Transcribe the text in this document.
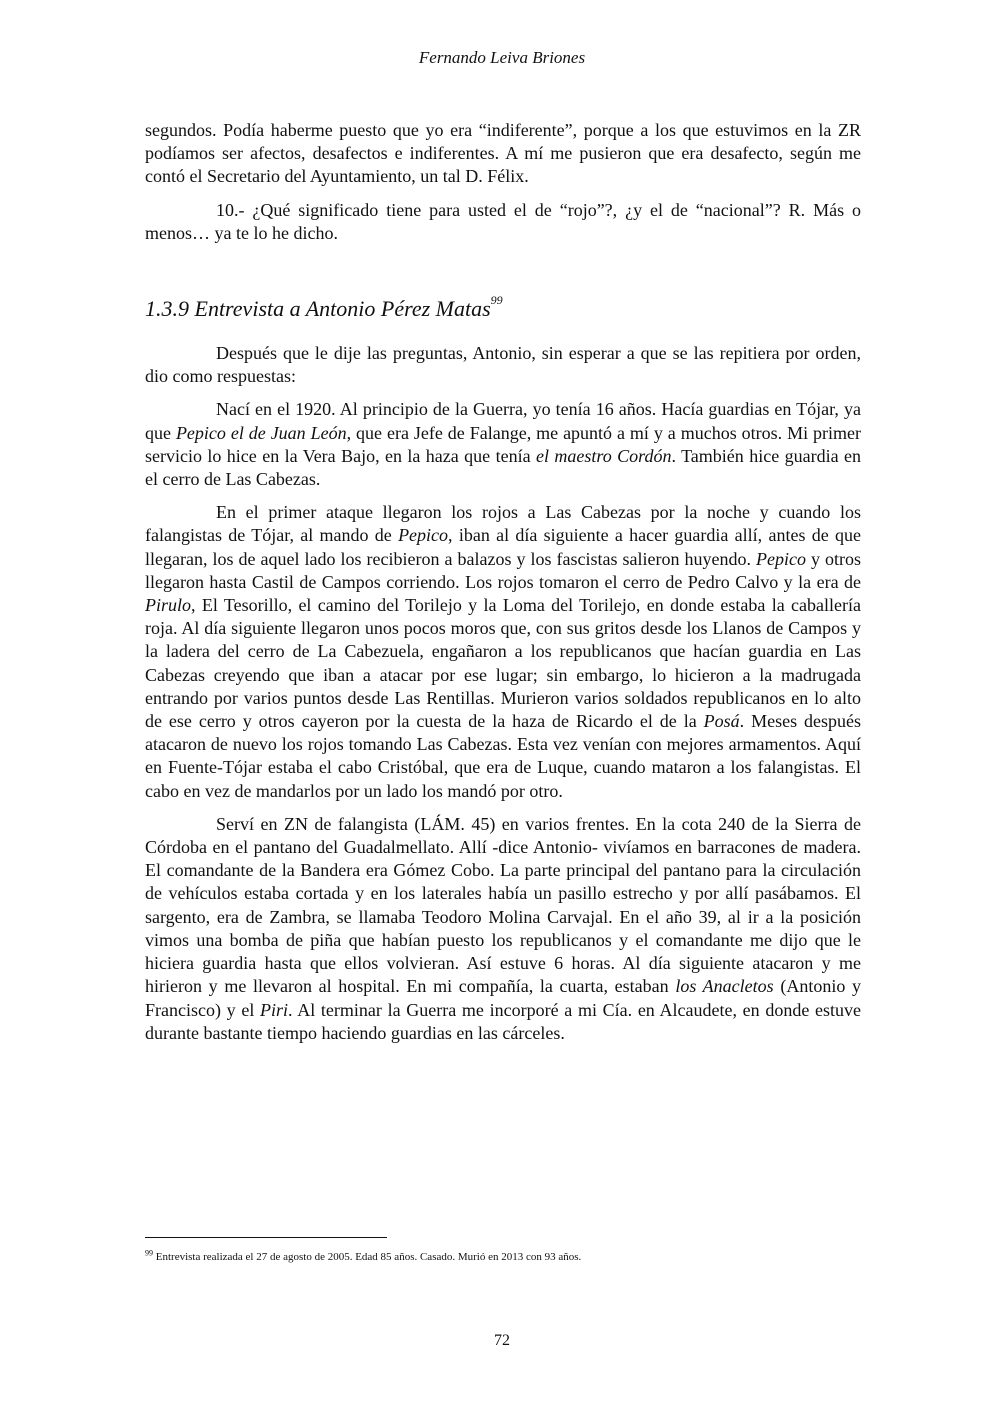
Fernando Leiva Briones

segundos. Podía haberme puesto que yo era “indiferente”, porque a los que estuvimos en la ZR podíamos ser afectos, desafectos e indiferentes. A mí me pusieron que era desafecto, según me contó el Secretario del Ayuntamiento, un tal D. Félix.

10.- ¿Qué significado tiene para usted el de “rojo”?, ¿y el de “nacional”? R. Más o menos… ya te lo he dicho.

1.3.9 Entrevista a Antonio Pérez Matas$^{99}$

Después que le dije las preguntas, Antonio, sin esperar a que se las repitiera por orden, dio como respuestas:

Nací en el 1920. Al principio de la Guerra, yo tenía 16 años. Hacía guardias en Tójar, ya que Pepico el de Juan León, que era Jefe de Falange, me apuntó a mí y a muchos otros. Mi primer servicio lo hice en la Vera Bajo, en la haza que tenía el maestro Cordón. También hice guardia en el cerro de Las Cabezas.

En el primer ataque llegaron los rojos a Las Cabezas por la noche y cuando los falangistas de Tójar, al mando de Pepico, iban al día siguiente a hacer guardia allí, antes de que llegaran, los de aquel lado los recibieron a balazos y los fascistas salieron huyendo. Pepico y otros llegaron hasta Castil de Campos corriendo. Los rojos tomaron el cerro de Pedro Calvo y la era de Pirulo, El Tesorillo, el camino del Torilejo y la Loma del Torilejo, en donde estaba la caballería roja. Al día siguiente llegaron unos pocos moros que, con sus gritos desde los Llanos de Campos y la ladera del cerro de La Cabezuela, engañaron a los republicanos que hacían guardia en Las Cabezas creyendo que iban a atacar por ese lugar; sin embargo, lo hicieron a la madrugada entrando por varios puntos desde Las Rentillas. Murieron varios soldados republicanos en lo alto de ese cerro y otros cayeron por la cuesta de la haza de Ricardo el de la Posá. Meses después atacaron de nuevo los rojos tomando Las Cabezas. Esta vez venían con mejores armamentos. Aquí en Fuente-Tójar estaba el cabo Cristóbal, que era de Luque, cuando mataron a los falangistas. El cabo en vez de mandarlos por un lado los mandó por otro.

Serví en ZN de falangista (LÁM. 45) en varios frentes. En la cota 240 de la Sierra de Córdoba en el pantano del Guadalmellato. Allí -dice Antonio- vivíamos en barracones de madera. El comandante de la Bandera era Gómez Cobo. La parte principal del pantano para la circulación de vehículos estaba cortada y en los laterales había un pasillo estrecho y por allí pasábamos. El sargento, era de Zambra, se llamaba Teodoro Molina Carvajal. En el año 39, al ir a la posición vimos una bomba de piña que habían puesto los republicanos y el comandante me dijo que le hiciera guardia hasta que ellos volvieran. Así estuve 6 horas. Al día siguiente atacaron y me hirieron y me llevaron al hospital. En mi compañía, la cuarta, estaban los Anacletos (Antonio y Francisco) y el Piri. Al terminar la Guerra me incorporé a mi Cía. en Alcaudete, en donde estuve durante bastante tiempo haciendo guardias en las cárceles.

$^{99}$ Entrevista realizada el 27 de agosto de 2005. Edad 85 años. Casado. Murió en 2013 con 93 años.
72
